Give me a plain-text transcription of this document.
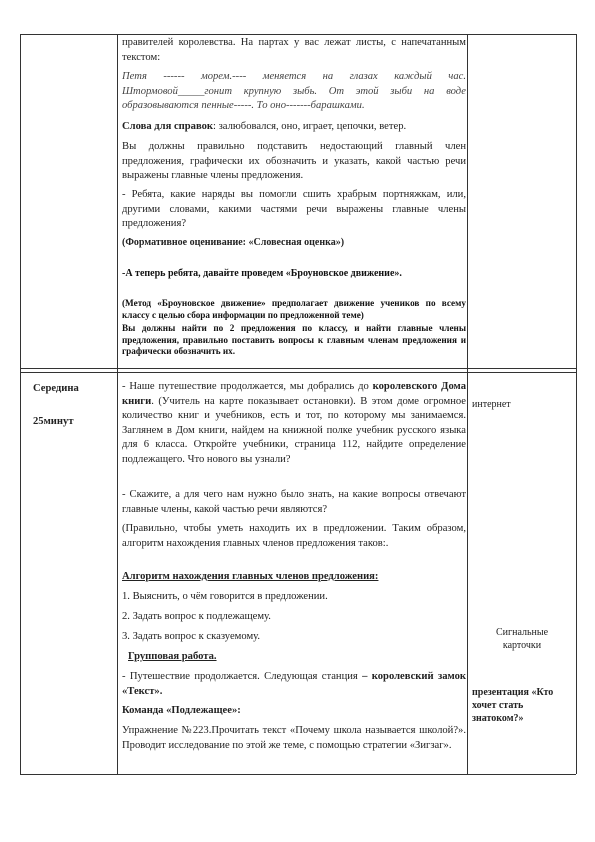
правителей королевства. На партах у вас лежат листы, с напечатанным текстом:
Петя ------ морем.---- меняется на глазах каждый час. Штормовой_____гонит крупную зыбь. От этой зыби на воде образовываются пенные-----. То оно-------барашками.
Слова для справок: залюбовался, оно, играет, цепочки, ветер.
Вы должны правильно подставить недостающий главный член предложения, графически их обозначить и указать, какой частью речи выражены главные члены предложения.
- Ребята, какие наряды вы помогли сшить храбрым портняжкам, или, другими словами, какими частями речи выражены главные члены предложения?
(Формативное оценивание: «Словесная оценка»)
-А теперь ребята, давайте проведем «Броуновское движение».
(Метод «Броуновское движение» предполагает движение учеников по всему классу с целью сбора информации по предложенной теме)
Вы должны найти по 2 предложения по классу, и найти главные члены предложения, правильно поставить вопросы к главным членам предложения и графически обозначить их.
Середина
25минут
интернет
Сигнальные карточки
презентация «Кто хочет стать знатоком?»
- Наше путешествие продолжается, мы добрались до королевского Дома книги. (Учитель на карте показывает остановки). В этом доме огромное количество книг и учебников, есть и тот, по которому мы занимаемся. Заглянем в Дом книги, найдем на книжной полке учебник русского языка для 6 класса. Откройте учебники, страница 112, найдите определение подлежащего. Что нового вы узнали?
- Скажите, а для чего нам нужно было знать, на какие вопросы отвечают главные члены, какой частью речи являются?
(Правильно, чтобы уметь находить их в предложении. Таким образом, алгоритм нахождения главных членов предложения таков:.
Алгоритм нахождения главных членов предложения:
1. Выяснить, о чём говорится в предложении.
2. Задать вопрос к подлежащему.
3. Задать вопрос к сказуемому.
Групповая работа.
- Путешествие продолжается. Следующая станция – королевский замок «Текст».
Команда «Подлежащее»:
Упражнение №223.Прочитать текст «Почему школа называется школой?». Проводит исследование по этой же теме, с помощью стратегии «Зигзаг».
